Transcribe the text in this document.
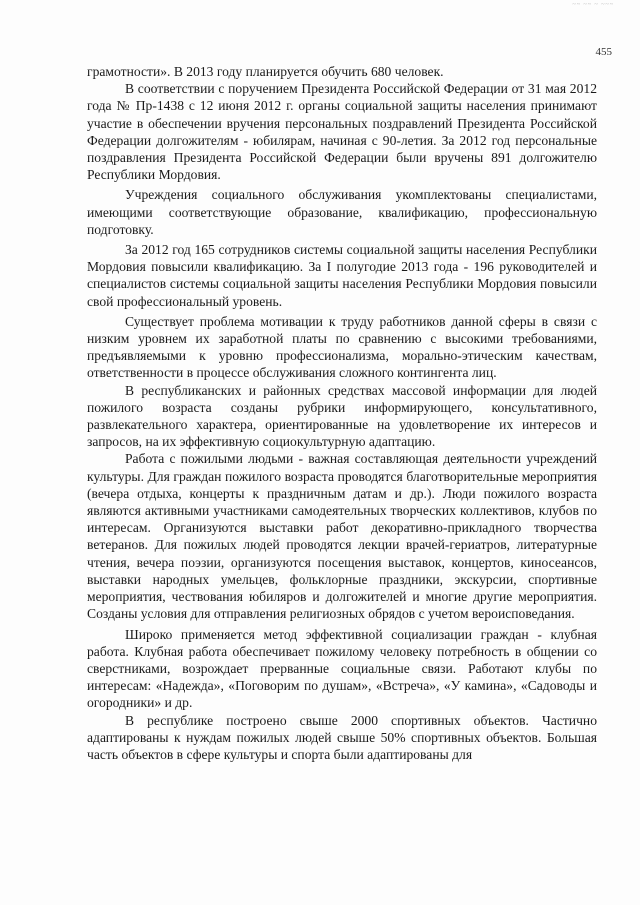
~~ ~~ ~ ~~~
455

грамотности». В 2013 году планируется обучить 680 человек.

В соответствии с поручением Президента Российской Федерации от 31 мая 2012 года № Пр-1438 с 12 июня 2012 г. органы социальной защиты населения принимают участие в обеспечении вручения персональных поздравлений Президента Российской Федерации долгожителям - юбилярам, начиная с 90-летия. За 2012 год персональные поздравления Президента Российской Федерации были вручены 891 долгожителю Республики Мордовия.

Учреждения социального обслуживания укомплектованы специалистами, имеющими соответствующие образование, квалификацию, профессиональную подготовку.

За 2012 год 165 сотрудников системы социальной защиты населения Республики Мордовия повысили квалификацию. За I полугодие 2013 года - 196 руководителей и специалистов системы социальной защиты населения Республики Мордовия повысили свой профессиональный уровень.

Существует проблема мотивации к труду работников данной сферы в связи с низким уровнем их заработной платы по сравнению с высокими требованиями, предъявляемыми к уровню профессионализма, морально-этическим качествам, ответственности в процессе обслуживания сложного контингента лиц.

В республиканских и районных средствах массовой информации для людей пожилого возраста созданы рубрики информирующего, консультативного, развлекательного характера, ориентированные на удовлетворение их интересов и запросов, на их эффективную социокультурную адаптацию.

Работа с пожилыми людьми - важная составляющая деятельности учреждений культуры. Для граждан пожилого возраста проводятся благотворительные мероприятия (вечера отдыха, концерты к праздничным датам и др.). Люди пожилого возраста являются активными участниками самодеятельных творческих коллективов, клубов по интересам. Организуются выставки работ декоративно-прикладного творчества ветеранов. Для пожилых людей проводятся лекции врачей-гериатров, литературные чтения, вечера поэзии, организуются посещения выставок, концертов, киносеансов, выставки народных умельцев, фольклорные праздники, экскурсии, спортивные мероприятия, чествования юбиляров и долгожителей и многие другие мероприятия. Созданы условия для отправления религиозных обрядов с учетом вероисповедания.

Широко применяется метод эффективной социализации граждан - клубная работа. Клубная работа обеспечивает пожилому человеку потребность в общении со сверстниками, возрождает прерванные социальные связи. Работают клубы по интересам: «Надежда», «Поговорим по душам», «Встреча», «У камина», «Садоводы и огородники» и др.

В республике построено свыше 2000 спортивных объектов. Частично адаптированы к нуждам пожилых людей свыше 50% спортивных объектов. Большая часть объектов в сфере культуры и спорта были адаптированы для
